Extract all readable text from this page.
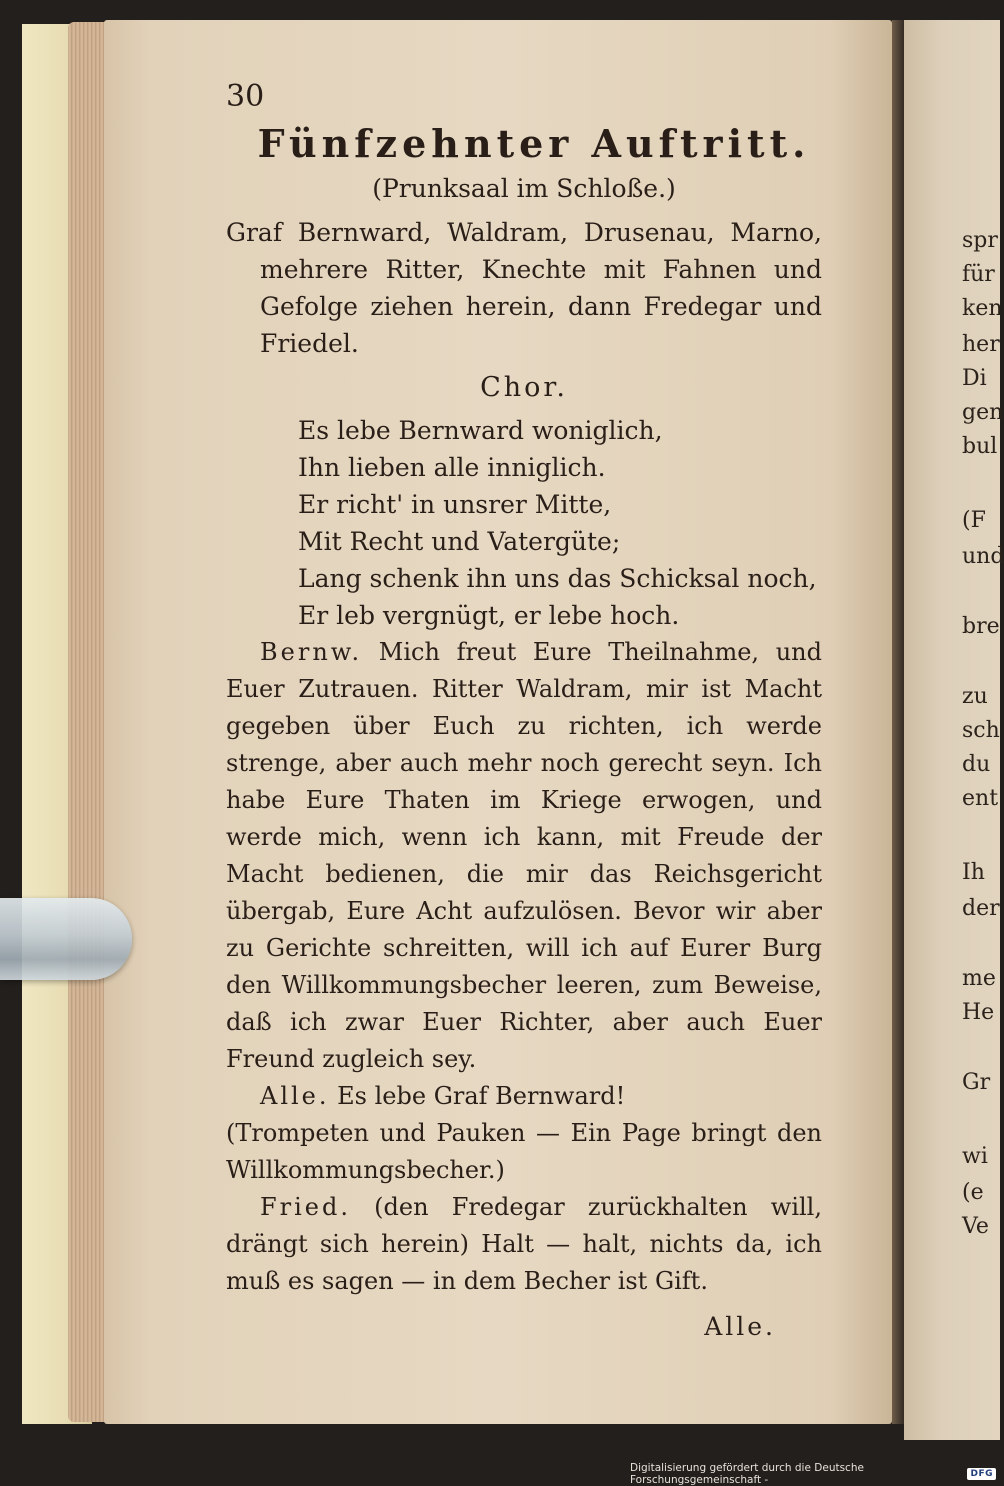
spr
für
ken
her
Di
gen
bul
(F
und
bre
zu
sch
du
ent
Ih
der
me
He
Gr
wi
(e
Ve
30
Fünfzehnter Auftritt.
(Prunksaal im Schloße.)

Graf Bernward, Waldram, Drusenau, Marno, mehrere Ritter, Knechte mit Fahnen und Gefolge ziehen herein, dann Fredegar und Friedel.

Chor.

Es lebe Bernward woniglich,

Ihn lieben alle inniglich.

Er richt' in unsrer Mitte,

Mit Recht und Vatergüte;

Lang schenk ihn uns das Schicksal noch,

Er leb vergnügt, er lebe hoch.

Bernw. Mich freut Eure Theilnahme, und Euer Zutrauen. Ritter Waldram, mir ist Macht gegeben über Euch zu richten, ich werde strenge, aber auch mehr noch gerecht seyn. Ich habe Eure Thaten im Kriege erwogen, und werde mich, wenn ich kann, mit Freude der Macht bedienen, die mir das Reichsgericht übergab, Eure Acht aufzulösen. Bevor wir aber zu Gerichte schreitten, will ich auf Eurer Burg den Willkommungsbecher leeren, zum Beweise, daß ich zwar Euer Richter, aber auch Euer Freund zugleich sey.

Alle. Es lebe Graf Bernward!

(Trompeten und Pauken — Ein Page bringt den Willkommungsbecher.)

Fried. (den Fredegar zurückhalten will, drängt sich herein) Halt — halt, nichts da, ich muß es sagen — in dem Becher ist Gift.

Alle.
Digitalisierung gefördert durch die Deutsche Forschungsgemeinschaft -	DFG
